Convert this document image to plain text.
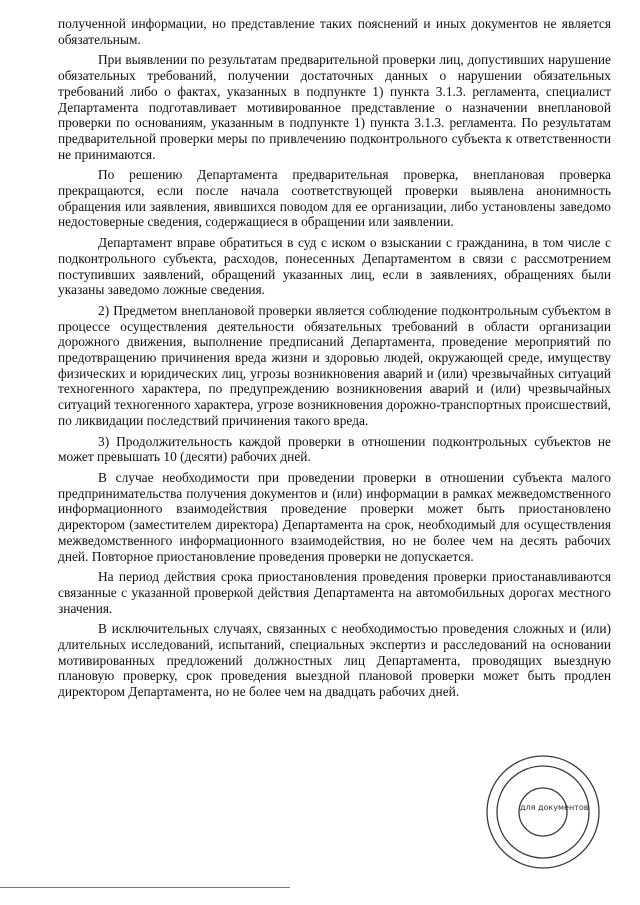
полученной информации, но представление таких пояснений и иных документов не является обязательным.

При выявлении по результатам предварительной проверки лиц, допустивших нарушение обязательных требований, получении достаточных данных о нарушении обязательных требований либо о фактах, указанных в подпункте 1) пункта 3.1.3. регламента, специалист Департамента подготавливает мотивированное представление о назначении внеплановой проверки по основаниям, указанным в подпункте 1) пункта 3.1.3. регламента. По результатам предварительной проверки меры по привлечению подконтрольного субъекта к ответственности не принимаются.

По решению Департамента предварительная проверка, внеплановая проверка прекращаются, если после начала соответствующей проверки выявлена анонимность обращения или заявления, явившихся поводом для ее организации, либо установлены заведомо недостоверные сведения, содержащиеся в обращении или заявлении.

Департамент вправе обратиться в суд с иском о взыскании с гражданина, в том числе с подконтрольного субъекта, расходов, понесенных Департаментом в связи с рассмотрением поступивших заявлений, обращений указанных лиц, если в заявлениях, обращениях были указаны заведомо ложные сведения.

2) Предметом внеплановой проверки является соблюдение подконтрольным субъектом в процессе осуществления деятельности обязательных требований в области организации дорожного движения, выполнение предписаний Департамента, проведение мероприятий по предотвращению причинения вреда жизни и здоровью людей, окружающей среде, имуществу физических и юридических лиц, угрозы возникновения аварий и (или) чрезвычайных ситуаций техногенного характера, по предупреждению возникновения аварий и (или) чрезвычайных ситуаций техногенного характера, угрозе возникновения дорожно-транспортных происшествий, по ликвидации последствий причинения такого вреда.

3) Продолжительность каждой проверки в отношении подконтрольных субъектов не может превышать 10 (десяти) рабочих дней.

В случае необходимости при проведении проверки в отношении субъекта малого предпринимательства получения документов и (или) информации в рамках межведомственного информационного взаимодействия проведение проверки может быть приостановлено директором (заместителем директора) Департамента на срок, необходимый для осуществления межведомственного информационного взаимодействия, но не более чем на десять рабочих дней. Повторное приостановление проведения проверки не допускается.

На период действия срока приостановления проведения проверки приостанавливаются связанные с указанной проверкой действия Департамента на автомобильных дорогах местного значения.

В исключительных случаях, связанных с необходимостью проведения сложных и (или) длительных исследований, испытаний, специальных экспертиз и расследований на основании мотивированных предложений должностных лиц Департамента, проводящих выездную плановую проверку, срок проведения выездной плановой проверки может быть продлен директором Департамента, но не более чем на двадцать рабочих дней.

для документов
